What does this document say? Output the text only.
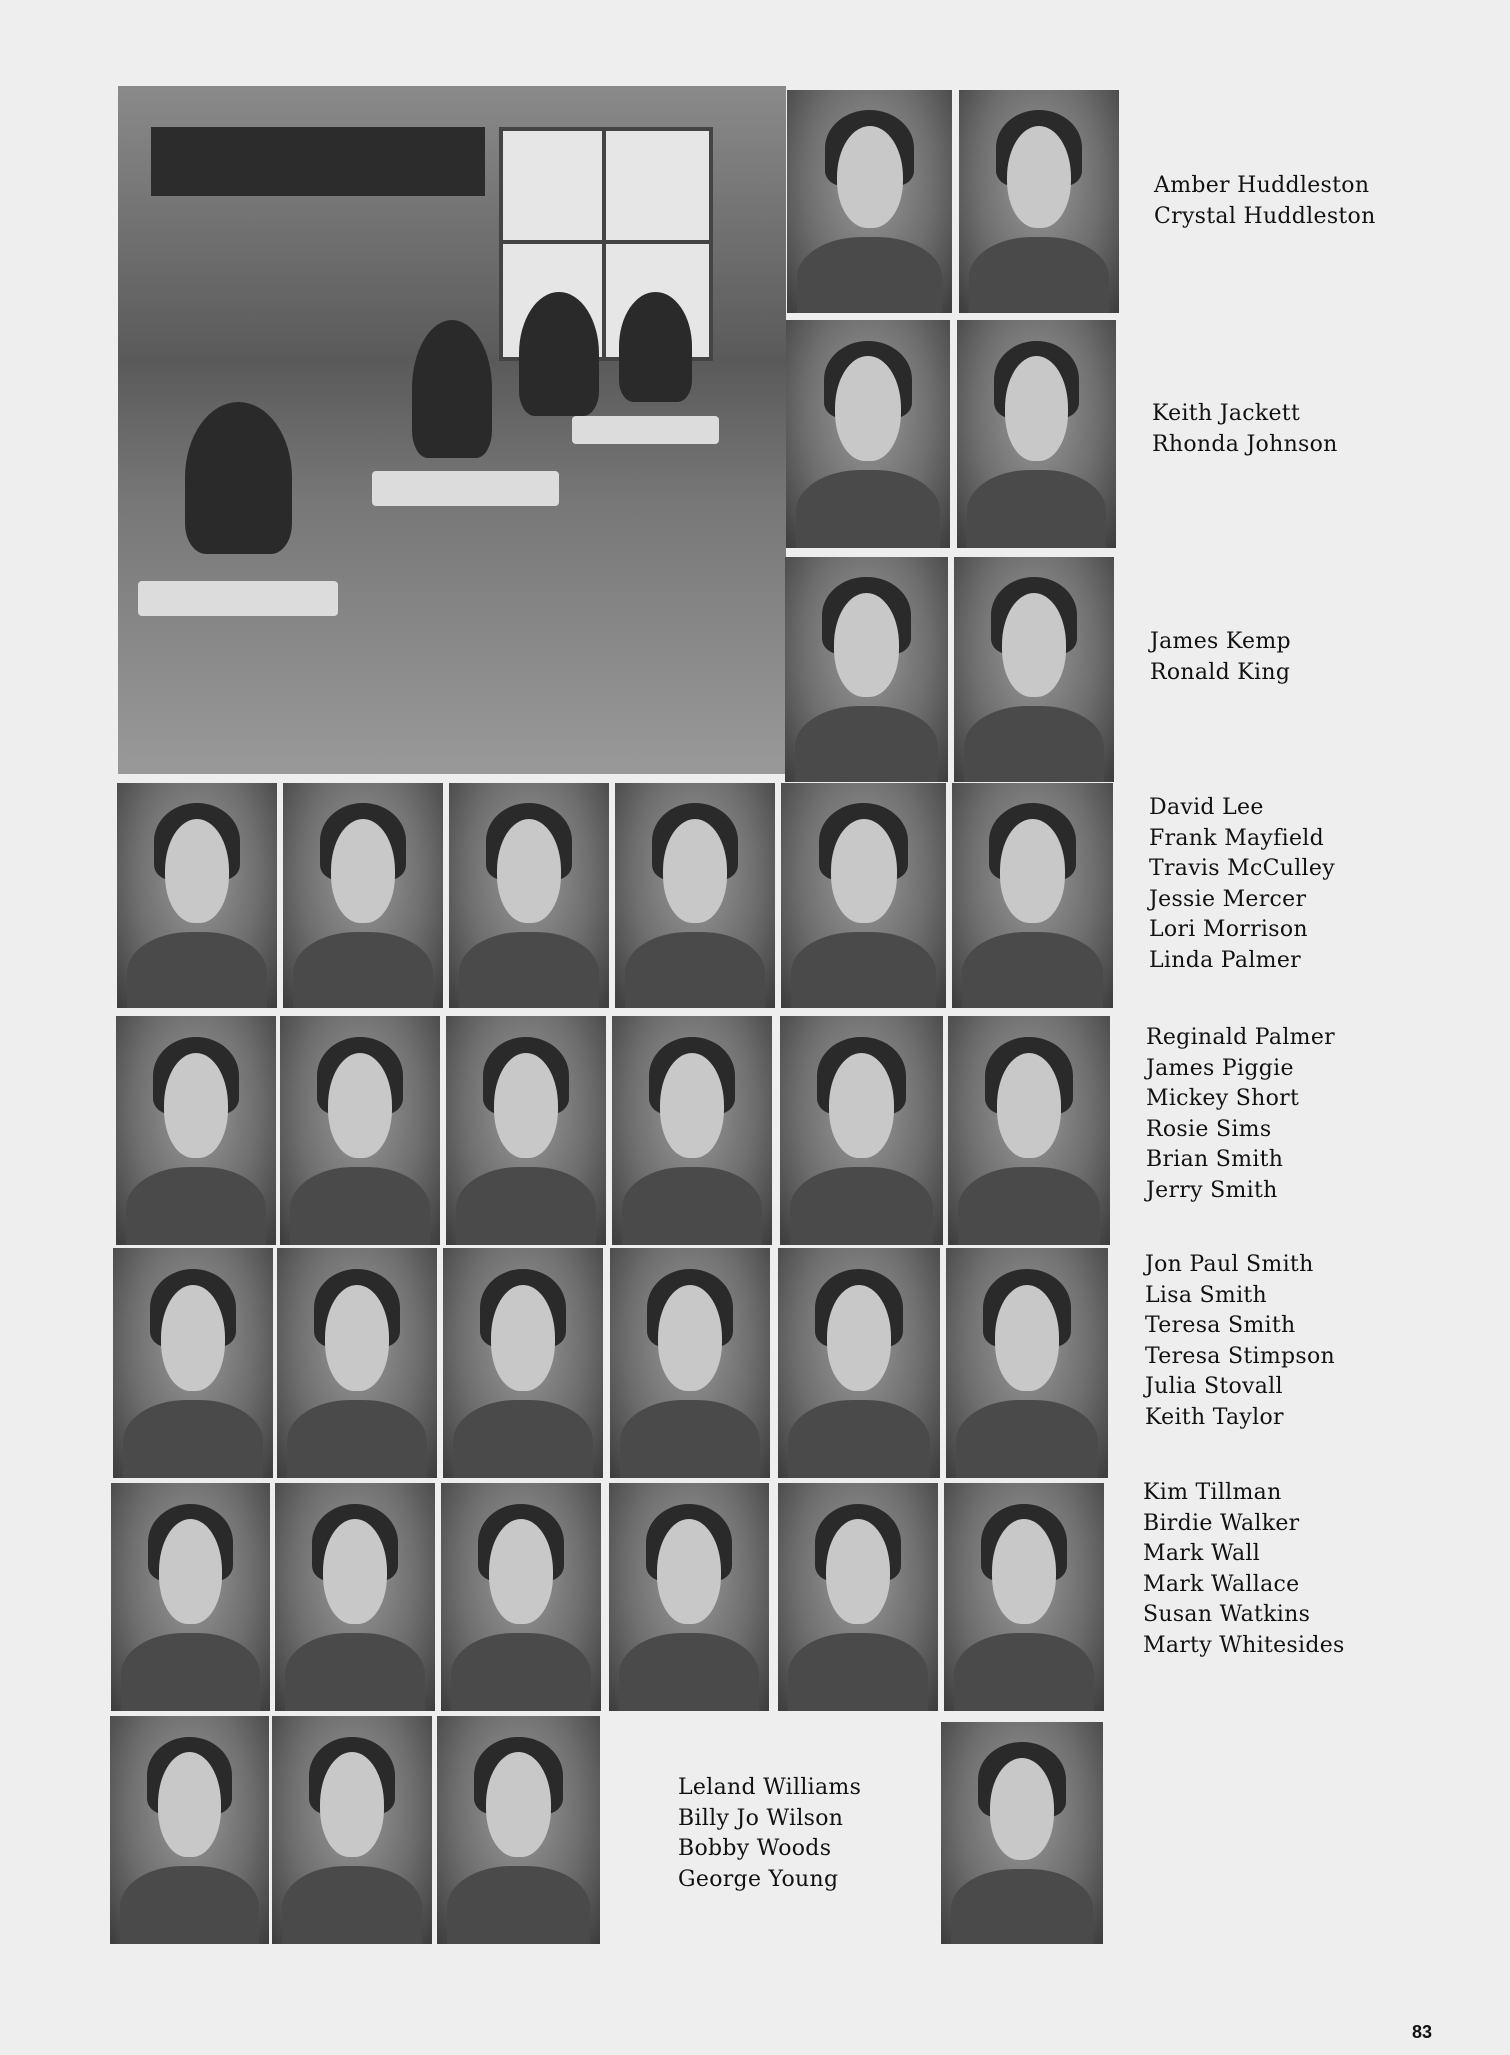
Amber Huddleston
Crystal Huddleston
Keith Jackett
Rhonda Johnson
James Kemp
Ronald King
David Lee
Frank Mayfield
Travis McCulley
Jessie Mercer
Lori Morrison
Linda Palmer
Reginald Palmer
James Piggie
Mickey Short
Rosie Sims
Brian Smith
Jerry Smith
Jon Paul Smith
Lisa Smith
Teresa Smith
Teresa Stimpson
Julia Stovall
Keith Taylor
Kim Tillman
Birdie Walker
Mark Wall
Mark Wallace
Susan Watkins
Marty Whitesides
Leland Williams
Billy Jo Wilson
Bobby Woods
George Young
83
